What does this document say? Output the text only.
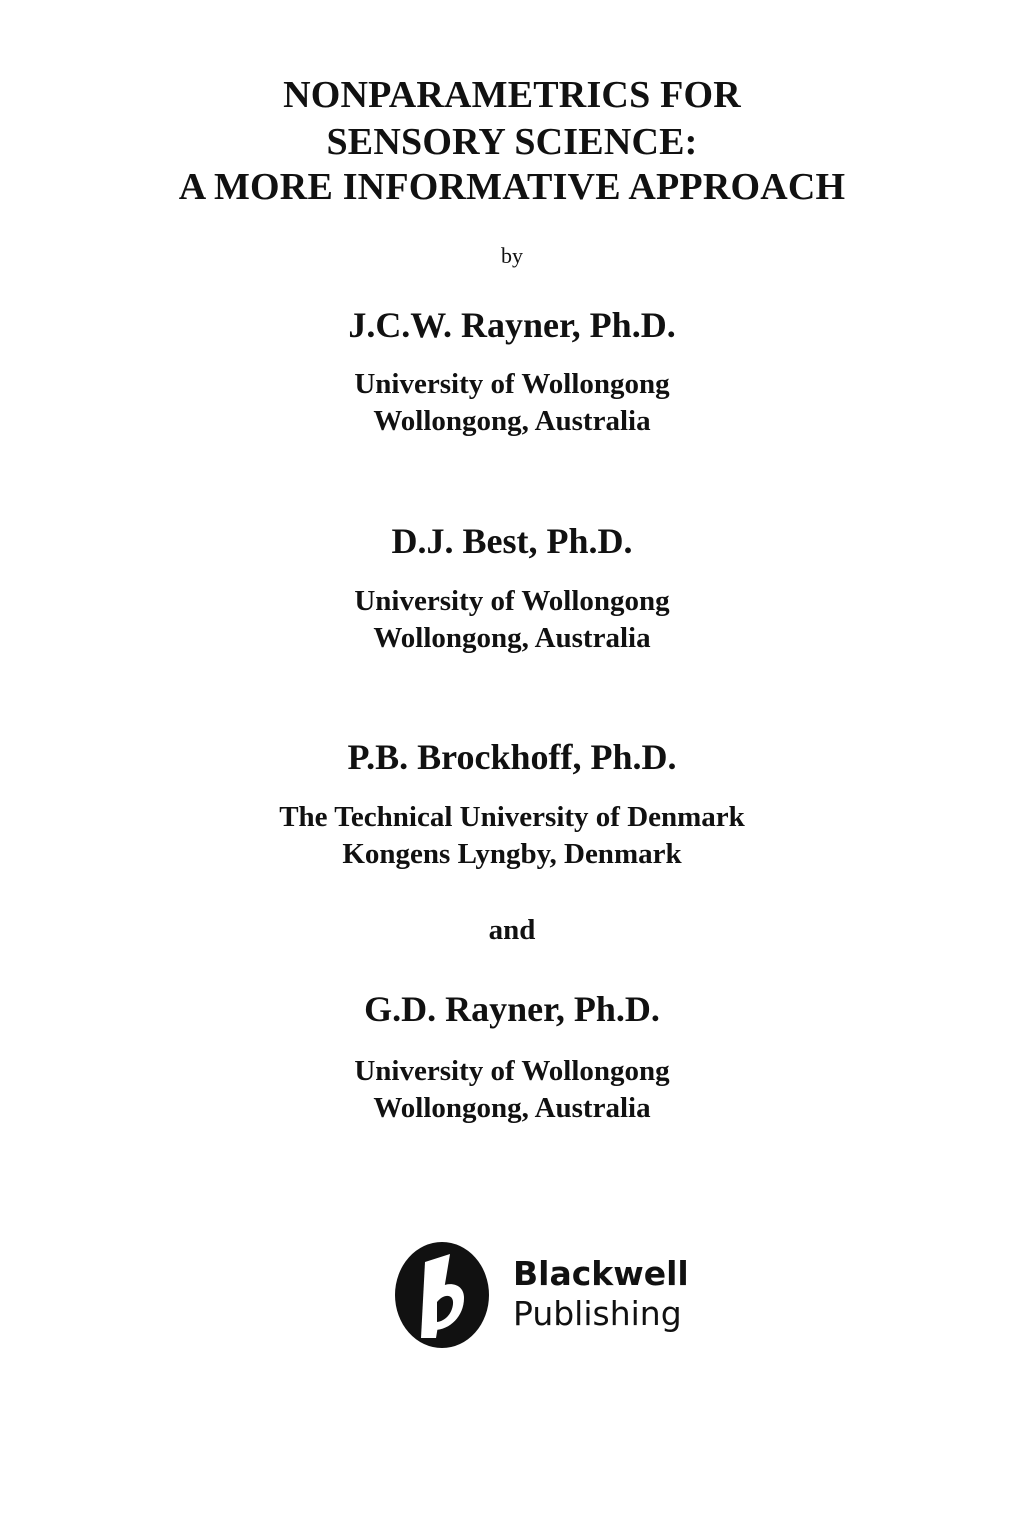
NONPARAMETRICS FOR
SENSORY SCIENCE:
A MORE INFORMATIVE APPROACH
by
J.C.W. Rayner, Ph.D.
University of Wollongong
Wollongong, Australia
D.J. Best, Ph.D.
University of Wollongong
Wollongong, Australia
P.B. Brockhoff, Ph.D.
The Technical University of Denmark
Kongens Lyngby, Denmark
and
G.D. Rayner, Ph.D.
University of Wollongong
Wollongong, Australia
Blackwell
Publishing
